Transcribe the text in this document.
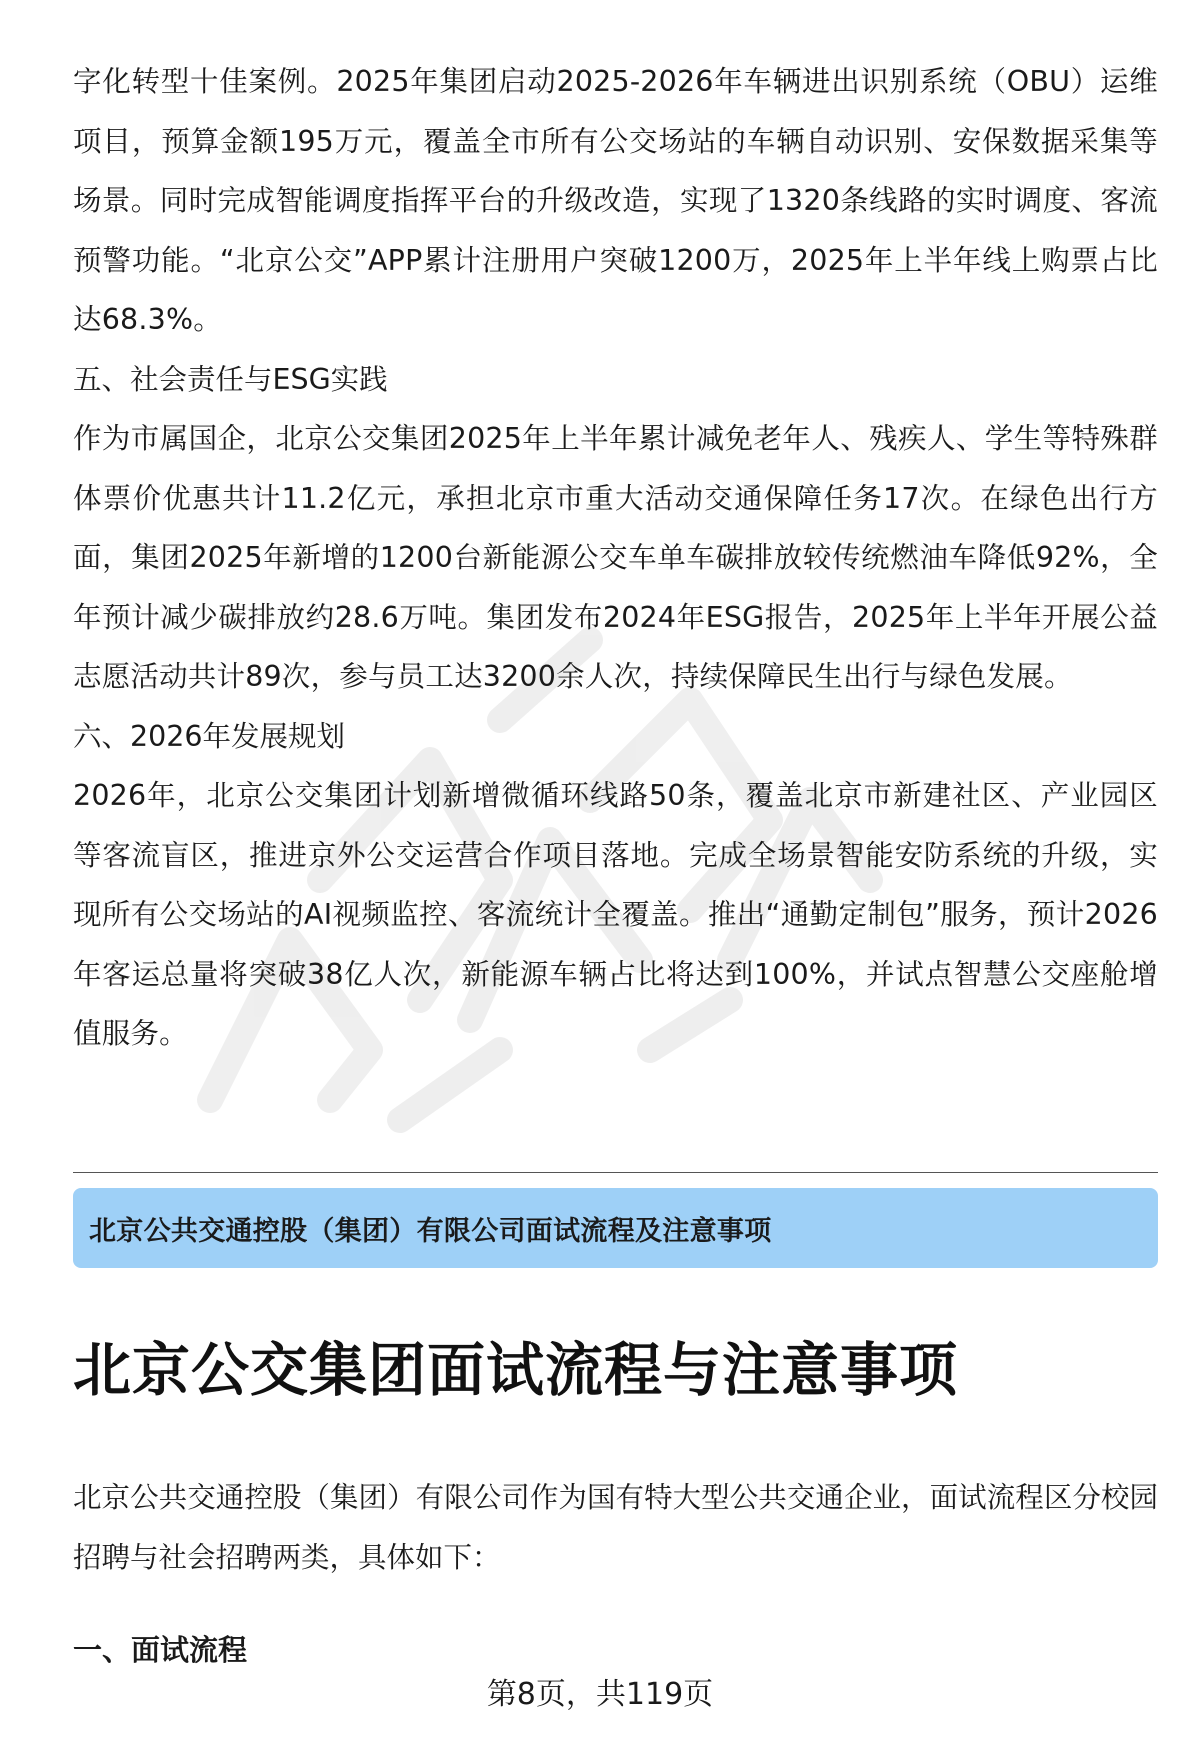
字化转型十佳案例。2025年集团启动2025-2026年车辆进出识别系统（OBU）运维项目，预算金额195万元，覆盖全市所有公交场站的车辆自动识别、安保数据采集等场景。同时完成智能调度指挥平台的升级改造，实现了1320条线路的实时调度、客流预警功能。“北京公交”APP累计注册用户突破1200万，2025年上半年线上购票占比达68.3%。

五、社会责任与ESG实践

作为市属国企，北京公交集团2025年上半年累计减免老年人、残疾人、学生等特殊群体票价优惠共计11.2亿元，承担北京市重大活动交通保障任务17次。在绿色出行方面，集团2025年新增的1200台新能源公交车单车碳排放较传统燃油车降低92%，全年预计减少碳排放约28.6万吨。集团发布2024年ESG报告，2025年上半年开展公益志愿活动共计89次，参与员工达3200余人次，持续保障民生出行与绿色发展。

六、2026年发展规划

2026年，北京公交集团计划新增微循环线路50条，覆盖北京市新建社区、产业园区等客流盲区，推进京外公交运营合作项目落地。完成全场景智能安防系统的升级，实现所有公交场站的AI视频监控、客流统计全覆盖。推出“通勤定制包”服务，预计2026年客运总量将突破38亿人次，新能源车辆占比将达到100%，并试点智慧公交座舱增值服务。

北京公共交通控股（集团）有限公司面试流程及注意事项
北京公交集团面试流程与注意事项

北京公共交通控股（集团）有限公司作为国有特大型公共交通企业，面试流程区分校园招聘与社会招聘两类，具体如下：

一、面试流程

第8页，共119页
